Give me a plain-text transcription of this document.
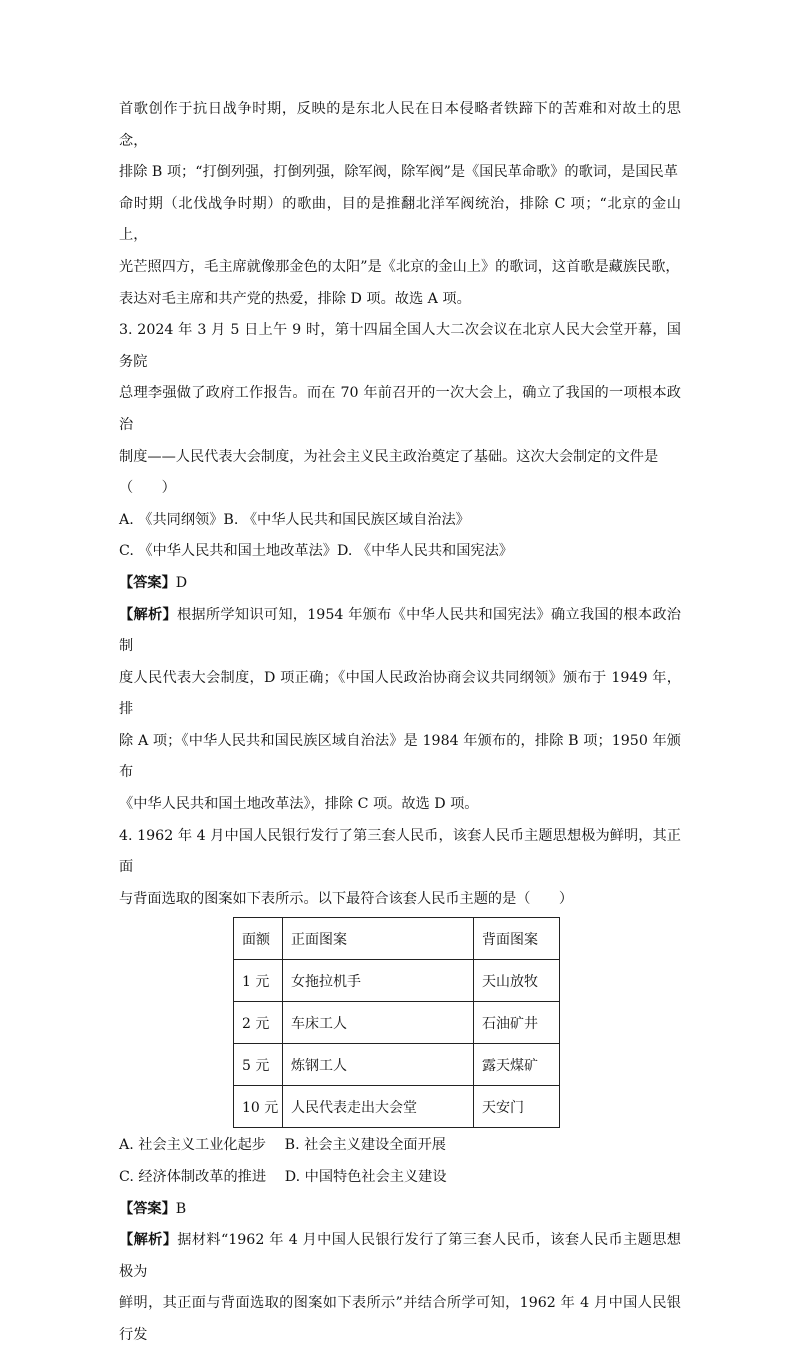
首歌创作于抗日战争时期，反映的是东北人民在日本侵略者铁蹄下的苦难和对故土的思念，

排除 B 项；“打倒列强，打倒列强，除军阀，除军阀”是《国民革命歌》的歌词，是国民革

命时期（北伐战争时期）的歌曲，目的是推翻北洋军阀统治，排除 C 项；“北京的金山上，

光芒照四方，毛主席就像那金色的太阳”是《北京的金山上》的歌词，这首歌是藏族民歌，

表达对毛主席和共产党的热爱，排除 D 项。故选 A 项。

3. 2024 年 3 月 5 日上午 9 时，第十四届全国人大二次会议在北京人民大会堂开幕，国务院

总理李强做了政府工作报告。而在 70 年前召开的一次大会上，确立了我国的一项根本政治

制度——人民代表大会制度，为社会主义民主政治奠定了基础。这次大会制定的文件是

（　　）

A. 《共同纲领》B. 《中华人民共和国民族区域自治法》

C. 《中华人民共和国土地改革法》D. 《中华人民共和国宪法》

【答案】D

【解析】根据所学知识可知，1954 年颁布《中华人民共和国宪法》确立我国的根本政治制

度人民代表大会制度，D 项正确；《中国人民政治协商会议共同纲领》颁布于 1949 年，排

除 A 项；《中华人民共和国民族区域自治法》是 1984 年颁布的，排除 B 项；1950 年颁布

《中华人民共和国土地改革法》，排除 C 项。故选 D 项。

4. 1962 年 4 月中国人民银行发行了第三套人民币，该套人民币主题思想极为鲜明，其正面

与背面选取的图案如下表所示。以下最符合该套人民币主题的是（　　）

面额	正面图案	背面图案
1 元	女拖拉机手	天山放牧
2 元	车床工人	石油矿井
5 元	炼钢工人	露天煤矿
10 元	人民代表走出大会堂	天安门

A. 社会主义工业化起步　 B. 社会主义建设全面开展

C. 经济体制改革的推进　 D. 中国特色社会主义建设

【答案】B

【解析】据材料“1962 年 4 月中国人民银行发行了第三套人民币，该套人民币主题思想极为

鲜明，其正面与背面选取的图案如下表所示”并结合所学可知，1962 年 4 月中国人民银行发
